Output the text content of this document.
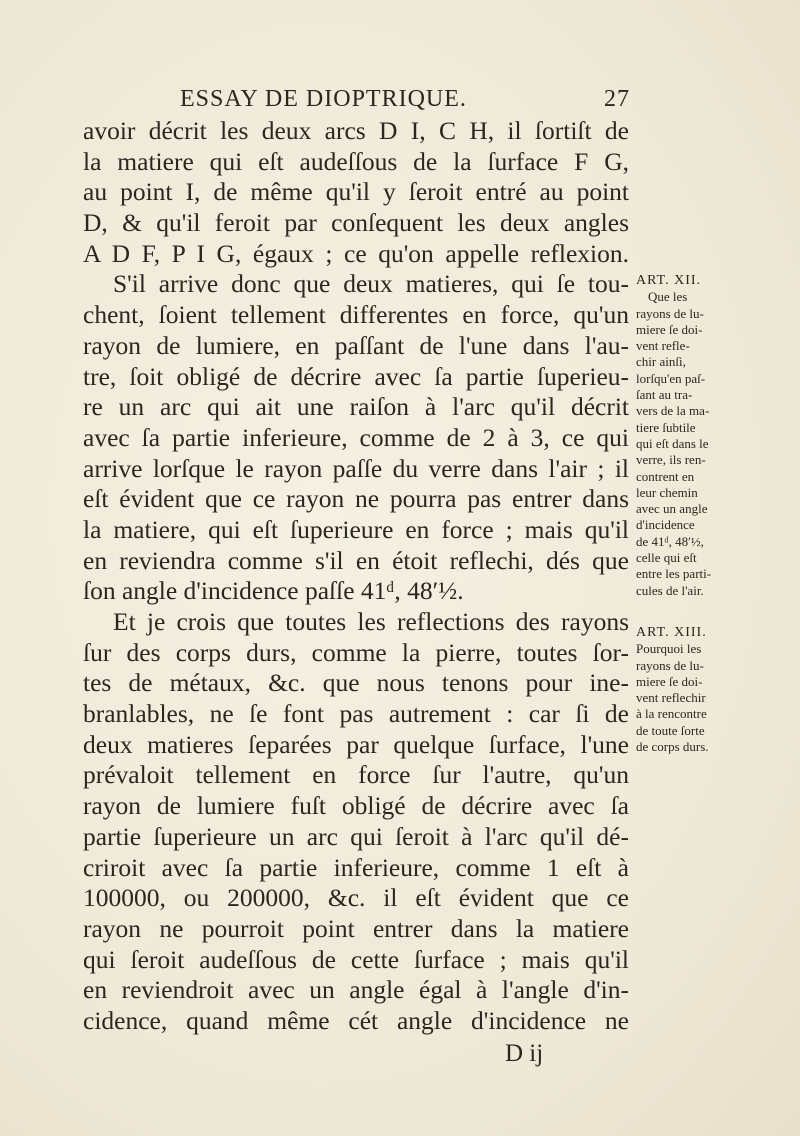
ESSAY DE DIOPTRIQUE.	27
avoir décrit les deux arcs D I, C H, il ſortiſt de
la matiere qui eſt audeſſous de la ſurface F G,
au point I, de même qu'il y ſeroit entré au point
D, & qu'il feroit par conſequent les deux angles
A D F, P I G, égaux ; ce qu'on appelle reflexion.
S'il arrive donc que deux matieres, qui ſe tou-
chent, ſoient tellement differentes en force, qu'un
rayon de lumiere, en paſſant de l'une dans l'au-
tre, ſoit obligé de décrire avec ſa partie ſuperieu-
re un arc qui ait une raiſon à l'arc qu'il décrit
avec ſa partie inferieure, comme de 2 à 3, ce qui
arrive lorſque le rayon paſſe du verre dans l'air ; il
eſt évident que ce rayon ne pourra pas entrer dans
la matiere, qui eſt ſuperieure en force ; mais qu'il
en reviendra comme s'il en étoit reflechi, dés que
ſon angle d'incidence paſſe 41ᵈ, 48′½.
Et je crois que toutes les reflections des rayons
ſur des corps durs, comme la pierre, toutes ſor-
tes de métaux, &c. que nous tenons pour ine-
branlables, ne ſe font pas autrement : car ſi de
deux matieres ſeparées par quelque ſurface, l'une
prévaloit tellement en force ſur l'autre, qu'un
rayon de lumiere fuſt obligé de décrire avec ſa
partie ſuperieure un arc qui ſeroit à l'arc qu'il dé-
criroit avec ſa partie inferieure, comme 1 eſt à
100000, ou 200000, &c. il eſt évident que ce
rayon ne pourroit point entrer dans la matiere
qui ſeroit audeſſous de cette ſurface ; mais qu'il
en reviendroit avec un angle égal à l'angle d'in-
cidence, quand même cét angle d'incidence ne
ART. XII.
Que les
rayons de lu-
miere ſe doi-
vent refle-
chir ainſi,
lorſqu'en paſ-
ſant au tra-
vers de la ma-
tiere ſubtile
qui eſt dans le
verre, ils ren-
contrent en
leur chemin
avec un angle
d'incidence
de 41ᵈ, 48′½,
celle qui eſt
entre les parti-
cules de l'air.
ART. XIII.
Pourquoi les
rayons de lu-
miere ſe doi-
vent reflechir
à la rencontre
de toute ſorte
de corps durs.
D ij
